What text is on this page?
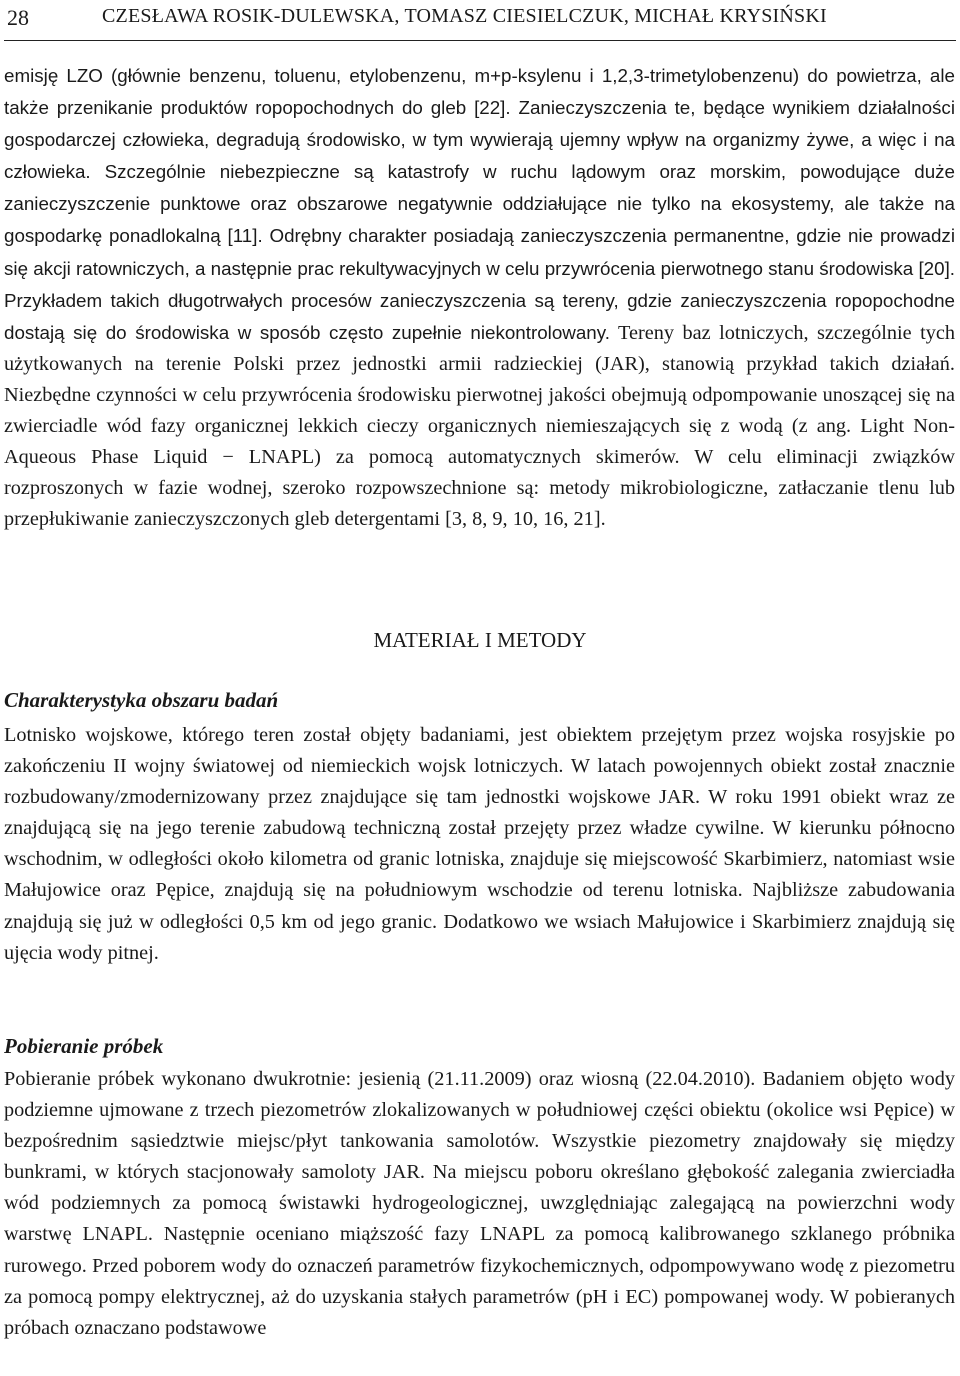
28	CZESŁAWA ROSIK-DULEWSKA, TOMASZ CIESIELCZUK, MICHAŁ KRYSIŃSKI

emisję LZO (głównie benzenu, toluenu, etylobenzenu, m+p-ksylenu i 1,2,3-trimetylobenzenu) do powietrza, ale także przenikanie produktów ropopochodnych do gleb [22]. Zanieczyszczenia te, będące wynikiem działalności gospodarczej człowieka, degradują środowisko, w tym wywierają ujemny wpływ na organizmy żywe, a więc i na człowieka. Szczególnie niebezpieczne są katastrofy w ruchu lądowym oraz morskim, powodujące duże zanieczyszczenie punktowe oraz obszarowe negatywnie oddziałujące nie tylko na ekosystemy, ale także na gospodarkę ponadlokalną [11]. Odrębny charakter posiadają zanieczyszczenia permanentne, gdzie nie prowadzi się akcji ratowniczych, a następnie prac rekultywacyjnych w celu przywrócenia pierwotnego stanu środowiska [20]. Przykładem takich długotrwałych procesów zanieczyszczenia są tereny, gdzie zanieczyszczenia ropopochodne dostają się do środowiska w sposób często zupełnie niekontrolowany. Tereny baz lotniczych, szczególnie tych użytkowanych na terenie Polski przez jednostki armii radzieckiej (JAR), stanowią przykład takich działań. Niezbędne czynności w celu przywrócenia środowisku pierwotnej jakości obejmują odpompowanie unoszącej się na zwierciadle wód fazy organicznej lekkich cieczy organicznych niemieszających się z wodą (z ang. Light Non-Aqueous Phase Liquid − LNAPL) za pomocą automatycznych skimerów. W celu eliminacji związków rozproszonych w fazie wodnej, szeroko rozpowszechnione są: metody mikrobiologiczne, zatłaczanie tlenu lub przepłukiwanie zanieczyszczonych gleb detergentami [3, 8, 9, 10, 16, 21].

MATERIAŁ I METODY
Charakterystyka obszaru badań

Lotnisko wojskowe, którego teren został objęty badaniami, jest obiektem przejętym przez wojska rosyjskie po zakończeniu II wojny światowej od niemieckich wojsk lotniczych. W latach powojennych obiekt został znacznie rozbudowany/zmodernizowany przez znajdujące się tam jednostki wojskowe JAR. W roku 1991 obiekt wraz ze znajdującą się na jego terenie zabudową techniczną został przejęty przez władze cywilne. W kierunku północno wschodnim, w odległości około kilometra od granic lotniska, znajduje się miejscowość Skarbimierz, natomiast wsie Małujowice oraz Pępice, znajdują się na południowym wschodzie od terenu lotniska. Najbliższe zabudowania znajdują się już w odległości 0,5 km od jego granic. Dodatkowo we wsiach Małujowice i Skarbimierz znajdują się ujęcia wody pitnej.

Pobieranie próbek

Pobieranie próbek wykonano dwukrotnie: jesienią (21.11.2009) oraz wiosną (22.04.2010). Badaniem objęto wody podziemne ujmowane z trzech piezometrów zlokalizowanych w południowej części obiektu (okolice wsi Pępice) w bezpośrednim sąsiedztwie miejsc/płyt tankowania samolotów. Wszystkie piezometry znajdowały się między bunkrami, w których stacjonowały samoloty JAR. Na miejscu poboru określano głębokość zalegania zwierciadła wód podziemnych za pomocą świstawki hydrogeologicznej, uwzględniając zalegającą na powierzchni wody warstwę LNAPL. Następnie oceniano miąższość fazy LNAPL za pomocą kalibrowanego szklanego próbnika rurowego. Przed poborem wody do oznaczeń parametrów fizykochemicznych, odpompowywano wodę z piezometru za pomocą pompy elektrycznej, aż do uzyskania stałych parametrów (pH i EC) pompowanej wody. W pobieranych próbach oznaczano podstawowe
